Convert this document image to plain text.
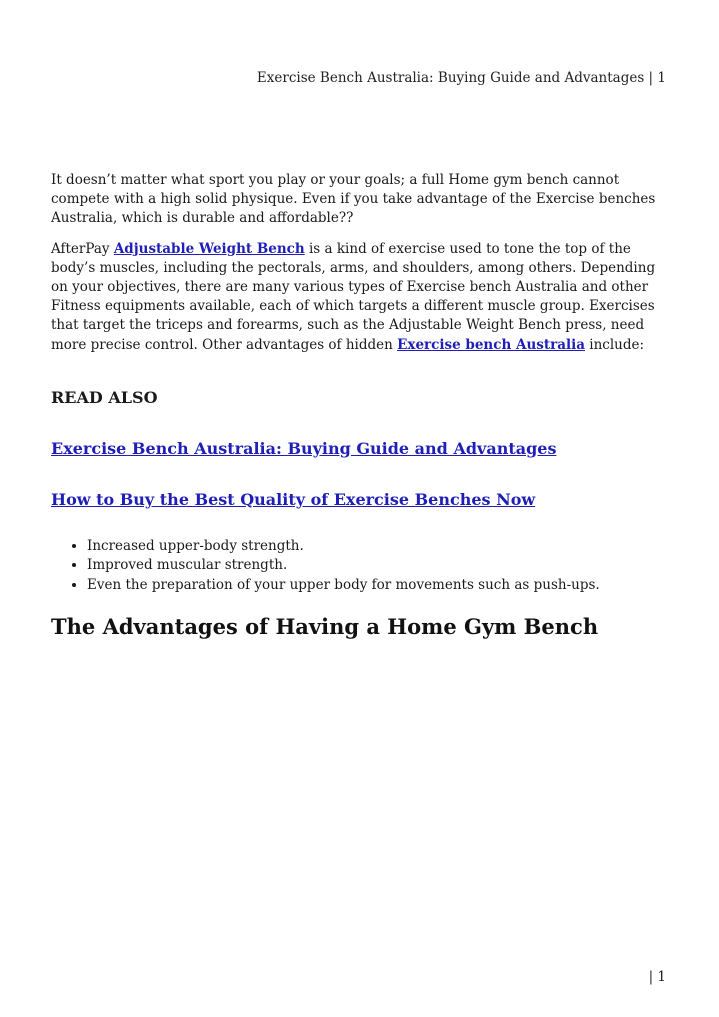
Exercise Bench Australia: Buying Guide and Advantages | 1

It doesn’t matter what sport you play or your goals; a full Home gym bench cannot compete with a high solid physique. Even if you take advantage of the Exercise benches Australia, which is durable and affordable??

AfterPay Adjustable Weight Bench is a kind of exercise used to tone the top of the body’s muscles, including the pectorals, arms, and shoulders, among others. Depending on your objectives, there are many various types of Exercise bench Australia and other Fitness equipments available, each of which targets a different muscle group. Exercises that target the triceps and forearms, such as the Adjustable Weight Bench press, need more precise control. Other advantages of hidden Exercise bench Australia include:

READ ALSO
Exercise Bench Australia: Buying Guide and Advantages
How to Buy the Best Quality of Exercise Benches Now
• Increased upper-body strength.
• Improved muscular strength.
• Even the preparation of your upper body for movements such as push-ups.
The Advantages of Having a Home Gym Bench
| 1
